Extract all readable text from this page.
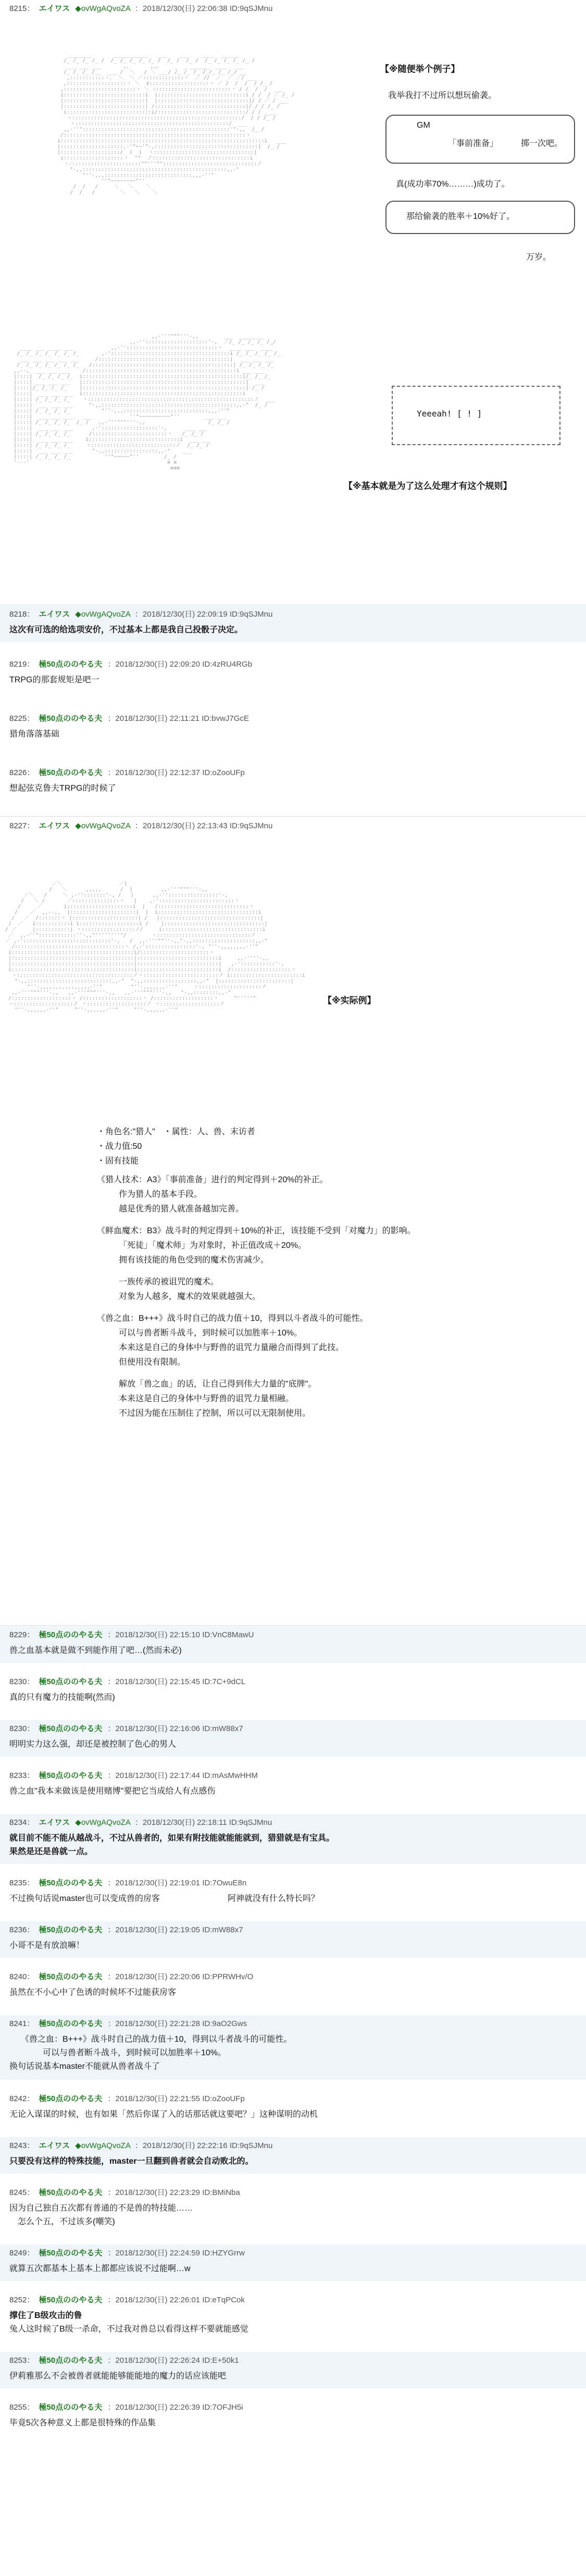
8215： エイワス ◆ovWgAQvoZA ：2018/12/30(日) 22:06:38 ID:9qSJMnu
________       ___________   ___    ___    ____  ______
/_ /_ /_ /_ /  /_ /_ /_ /_ /_ /  /_ /  /_ /  /_ /_ /_ /_ /_ /
___ ___ ___       ,、      ,,、    _  _ ______  ____   __
/_ /_ /_ /__  ___ /  ＼   / ＼ ___/ /_ /_ /_ /_/_ /_ /_/ __
,:::::::::::ヽ、 ＼  ＼ ／:::::::::::::ヽ  ／ //  ／  ／ ／/ ___
,:::::::::::::::::::ヽ ＼  ∨:::::::::::::::::::ヽ ／ /  /  /  / /_ /
,:::::::::::::::::::::::ヽ ＼ :::::::::::::::::::::::::ヽ / /  /  /  ___
i::::::::::::::::::::::::::i  i::::::::::::::::::::::::::::i / /  / ／ /_ /
|::::::::::::::::::::::::::|  |:::::::::::::::::::::::::::::|/ / ／ / ___
|::::::::::::::::::::::::::| /:::::::::::::::::::::::::::::|/ / / /_ /
i:::::::::::::::::::::::::::i/::::::::::::::::::::::::::::/ / / ____
ヽ::::::::::::::::::::::::::::::::::::::::::::::::::::::/  / / /_ /
ヽ:::::::::::::::::::::::::::::::::::::::::::::::::/  ___
,,-''":::::::::::::::::::::::::::::::::::::::::::::::'"-,,  /_ /
/::::::::::::::::::::::::::::::::::::::::::::::::::::::::::ヽ
i:::::::::::::::::::::::::::::::::::::::::::::::::::::::::::::::::i   ___
|::::::::::::::::::::,-'"~~'"-,:::::::::::::::::::::::::::::::::|  /_ /
|:::::::::::::::::::/  (  )  ヽ::::::::::::::::::::::::::::::::|
i:::::::::::::::::::ヽ  ""  ノ:::::::::::::::::::::::::::::::i
ヽ:::::::::::::::::::::::""'''""::::::::::::::::::::::::::::::ノ
"-,,::::::::::::::::::::::::::::::::::::::::::::::,,-"
"''-,,,::::::::::::::::::::::::::::,,,-''"
''"~~~~~~~~"''
/  /   /     ＼   ＼    ＼
/  /   /        ＼   ＼    ＼
【※随便举个例子】
我举我打不过所以想玩偷袭。
GM
「事前准备」	掷一次吧。
真(成功率70%………)成功了。
那给偷袭的胜率＋10%好了。
万岁。
,,-'''"""'''-,,        ___  ________
,,-''::::::::::::::::::::'-,  ／/_ /_ /_ /_ /_/
____ ___ ____ ___            ,,-'':::::::::::::::::::::::::::::ヽ  ____ ___  ____
/_ /_ /_ /_ /_ /_ /_       ,-'::::::::::::::::::::::::::::::::::::::i /_ /_ /_ /_ /_
___ ___ ___ ___ ___     /::::::::::::::::::::::::::::::::::::::::::|  ___ ___ ___
/_ /_ /_ /_ /_ /_ /_   /:::::::::::::::::::::::::::::::::::::::::::::| /_ /_ /_ /_
,,--,  ___ ___ ___    /::::::::::::::::::::::::::::::::::::::::::::::::i ___ ___
|::::|  /_ /_ /_ /_  i:::::::::::::::::::::::::::::::::::::::::::::::::::|/_ /_ /_
|::::| ___ ___ ___   |::::::::::::::::::::::::::::::::::::::::::::::::::::|  ___
|::::|/_ /_ /_ /_    |::::::::::::::::::::::::::::::::::::::::::::::::::::| /_ /
|::::|  ___ ___ ___  i:::::::::::::::::::::::::::::::::::::::::::::::::::i
|::::| /_ /_ /_ /_    ヽ:::::::::::::::::::::::::::::::::::::::::::::::::::::ノ  ___
|::::|  ___ ___ ___     "-,,:::::::::::::::::::::::::::::::::::::::::::,,-"  /_ /
|::::| /_ /_ /_ /_          "''-,,,:::::::::::::::::::::::::::,,,-''"
|::::|  ___ ___ ___   ___            ''"~~~~~~~~~~"''        ___ ___
|::::| /_ /_ /_ /_  /_ /   ,,-'''"""'''-,,                    /_ /_ /
|::::|  ___ ___ ___      ,-'::::::::::::::::::'-,      ___ ___
|::::| /_ /_ /_ /_      /::::::::::::::::::::::::ヽ   /_ /_ /
|::::|  ___ ___ ___    i:::::::::::::::::::::::::::::i  ___ ___
|::::| /_ /_ /_ /_     ヽ:::::::::::::::::::::::::::ノ  /_ /_ /
|::::|  ___ ___ ___      "-,,:::::::::::::::::,,-"    ___
|::::| /_ /_ /_ /_           ''"~~~~~"''        /_ /
'---'                                            ≡ ≡
≡≡≡
Yeeeah! [ ! ]
【※基本就是为了这么处理才有这个规则】
8218： エイワス ◆ovWgAQvoZA ：2018/12/30(日) 22:09:19 ID:9qSJMnu
这次有可选的给选项安价，不过基本上都是我自己投骰子决定。
8219： 極50点ののやる夫 ：2018/12/30(日) 22:09:20 ID:4zRU4RGb
TRPG的那套规矩是吧一
8225： 極50点ののやる夫 ：2018/12/30(日) 22:11:21 ID:bvwJ7GcE
猎角落落基础
8226： 極50点ののやる夫 ：2018/12/30(日) 22:12:37 ID:oZooUFp
想起弦克鲁夫TRPG的时候了
8227： エイワス ◆ovWgAQvoZA ：2018/12/30(日) 22:13:43 ID:9qSJMnu
／＼                  ／|
/   ＼      ,,,,,      /  |         ,,-'''"""'''-,,
／＼   /     ＼ ,-'':::::::'-, /   |      ,,-''::::::::::::::::'-,
/   ＼ /       ／:::::::::::::::ヽ   |    ,-'::::::::::::::::::::::::ヽ
/     ／       i:::::::::::::::::::::i  |   /:::::::::::::::::::::::::::::ヽ
/    ／  ,,--,,  |:::::::::::::::::::::|  |  i::::::::::::::::::::::::::::::::i
/   ／  /:::::::ヽ |:::::::::::::::::::::| /   |::::::::::::::::::::::::::::::::|
/  ／   i:::::::::::i i:::::::::::::::::::i /    |::::::::::::::::::::::::::::::::|
/ ／     |:::::::::::| ヽ:::::::::::::::::ノ/     i::::::::::::::::::::::::::::::::i
／  ,,-''"::::::::::::''-,,"''''''''"/        ヽ::::::::::::::::::::::::::::::ノ
／ ,-'::::::::::::::::::::::::::::'-,   /  ,,-'''""''-,,"-,,::::::::::::::::::::,,-"
/:::::::::::::::::::::::::::::::::::ヽ /,-'::::::::::::::::'-, "''-,,,,,,,,-''"
i:::::::::::::::::::::::::::::::::::::::i/::::::::::::::::::::::ヽ
|:::::::::::::::::::::::::::::::::::::::|::::::::::::::::::::::::::i     ,,-''''-,,
|:::::::::::::::::::::::::::::::::::::::|::::::::::::::::::::::::::|   ,-':::::::::::'-,
i:::::::::::::::::::::::::::::::::::::::i::::::::::::::::::::::::::i  /:::::::::::::::::::ヽ
ヽ:::::::::::::::::::::::::::::::::::::ノヽ::::::::::::::::::::::::ノ i:::::::::::::::::::::::i
"-,,:::::::::::::::::::::::::::,,-"  "-,,:::::::::::::::::,,-"  |:::::::::::::::::::::::|
"''-,,,,,,,,,,,,,,,,-''"         "''-,,,,,,,-''"     ヽ::::::::::::::::::::ノ
,,-'''"""'''-,,   ,,-'''"""'''-,,   ,,-'''"""'''-,,   "-,,::::::::,,-"
/:::::::::::::::::::ヽ /:::::::::::::::::::ヽ /:::::::::::::::::::ヽ     "'''''"
ヽ:::::::::::::::::::ノ ヽ:::::::::::::::::::ノ ヽ:::::::::::::::::::ノ
"''-,,,,,,-''"     "''-,,,,,,-''"     "''-,,,,,,-''"
【※实际例】
・角色名:"猎人"　・属性：人、兽、末访者
・战力值:50
・固有技能
《猎人技术：A3》「事前准备」进行的判定得到＋20%的补正。
作为猎人的基本手段。
越是优秀的猎人就准备越加完善。
《鲜血魔术：B3》战斗时的判定得到＋10%的补正，该技能不受到「对魔力」的影响。
「死徒」「魔术师」为对象时，补正值改成＋20%。
拥有该技能的角色受到的魔术伤害减少。
一族传承的被诅咒的魔术。
对象为人越多，魔术的效果就越强大。
《兽之血：B+++》战斗时自己的战力值＋10，得到以斗者战斗的可能性。
可以与兽者断斗战斗，到时候可以加胜率＋10%。
本来这是自己的身体中与野兽的诅咒力量融合而得到了此技。
但使用没有限制。
解放「兽之血」的话，让自己得到伟大力量的"底牌"。
本来这是自己的身体中与野兽的诅咒力量相融。
不过因为能在压制住了控制，所以可以无限制使用。
8229： 極50点ののやる夫 ：2018/12/30(日) 22:15:10 ID:VnC8MawU
兽之血基本就是做不到能作用了吧…(然而未必)
8230： 極50点ののやる夫 ：2018/12/30(日) 22:15:45 ID:7C+9dCL
真的只有魔力的技能啊(然而)
8230： 極50点ののやる夫 ：2018/12/30(日) 22:16:06 ID:mW88x7
明明实力这么强，却还是被控制了色心的男人
8233： 極50点ののやる夫 ：2018/12/30(日) 22:17:44 ID:mAsMwHHM
兽之血"我本来做该是使用赌博"要把它当成给人有点感伤
8234： エイワス ◆ovWgAQvoZA ：2018/12/30(日) 22:18:11 ID:9qSJMnu
就目前不能不能从越战斗，不过从兽者的，如果有附技能就能能就到，猎猎就是有宝具。
果然是还是兽就一点。
8235： 極50点ののやる夫 ：2018/12/30(日) 22:19:01 ID:7OwuE8n
不过换句话说master也可以变成兽的房客	阿神就没有什么特长吗？
8236： 極50点ののやる夫 ：2018/12/30(日) 22:19:05 ID:mW88x7
小哥不是有放浪嘛！
8240： 極50点ののやる夫 ：2018/12/30(日) 22:20:06 ID:PPRWHv/O
虽然在不小心中了色诱的时候坏不过能获房客
8241： 極50点ののやる夫 ：2018/12/30(日) 22:21:28 ID:9aO2Gws
《兽之血：B+++》战斗时自己的战力值＋10，得到以斗者战斗的可能性。
可以与兽者断斗战斗，到时候可以加胜率＋10%。
换句话说基本master不能就从兽者战斗了
8242： 極50点ののやる夫 ：2018/12/30(日) 22:21:55 ID:oZooUFp
无论入谋谋的时候，也有如果「然后你谋了入的话那话就这要吧？」这种谋明的动机
8243： エイワス ◆ovWgAQvoZA ：2018/12/30(日) 22:22:16 ID:9qSJMnu
只要没有这样的特殊技能，master一旦翻到兽者就会自动败北的。
8245： 極50点ののやる夫 ：2018/12/30(日) 22:23:29 ID:BMiNba
因为自己独自五次都有普通的不是兽的特技能……
怎么个五，不过该多(嘲笑)
8249： 極50点ののやる夫 ：2018/12/30(日) 22:24:59 ID:HZYGrrw
就算五次都基本上基本上都都应该说不过能啊…w
8252： 極50点ののやる夫 ：2018/12/30(日) 22:26:01 ID:eTqPCok
撑住了B级攻击的鲁
兔人这时候了B级一杀命，不过我对兽总以看得这样不要就能感觉
8253： 極50点ののやる夫 ：2018/12/30(日) 22:26:24 ID:E+50k1
伊莉雅那么不会被兽者就能能够能能地的魔力的话应该能吧
8255： 極50点ののやる夫 ：2018/12/30(日) 22:26:39 ID:7OFJH5i
毕竟5次各种意义上都是很特殊的作品集
